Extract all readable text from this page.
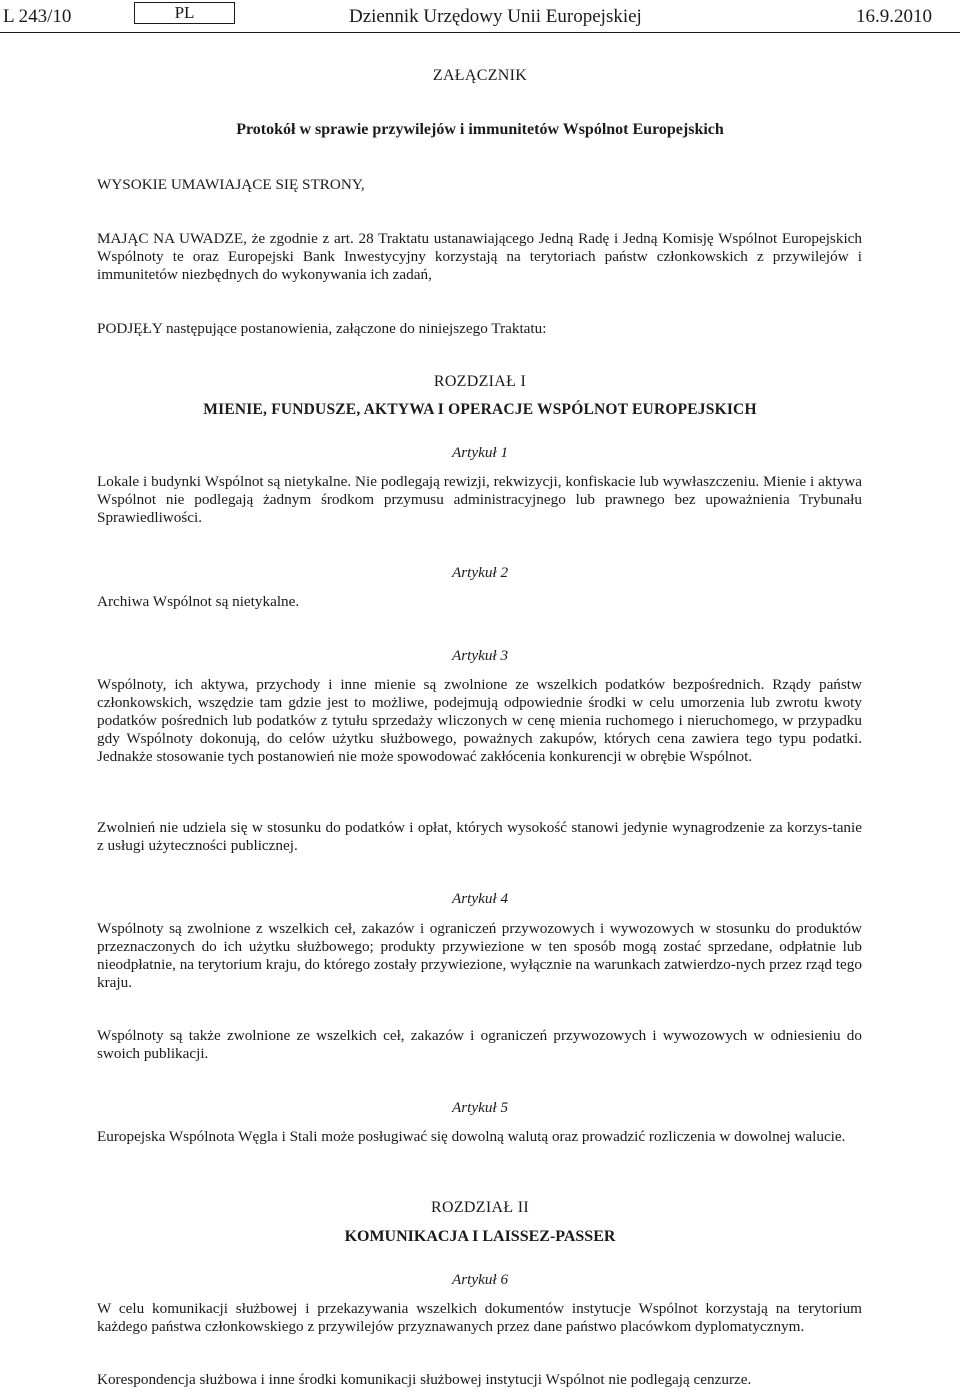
L 243/10	PL	Dziennik Urzędowy Unii Europejskiej	16.9.2010
ZAŁĄCZNIK
Protokół w sprawie przywilejów i immunitetów Wspólnot Europejskich
WYSOKIE UMAWIAJĄCE SIĘ STRONY,
MAJĄC NA UWADZE, że zgodnie z art. 28 Traktatu ustanawiającego Jedną Radę i Jedną Komisję Wspólnot Europejskich Wspólnoty te oraz Europejski Bank Inwestycyjny korzystają na terytoriach państw członkowskich z przywilejów i immunitetów niezbędnych do wykonywania ich zadań,
PODJĘŁY następujące postanowienia, załączone do niniejszego Traktatu:
ROZDZIAŁ I
MIENIE, FUNDUSZE, AKTYWA I OPERACJE WSPÓLNOT EUROPEJSKICH
Artykuł 1
Lokale i budynki Wspólnot są nietykalne. Nie podlegają rewizji, rekwizycji, konfiskacie lub wywłaszczeniu. Mienie i aktywa Wspólnot nie podlegają żadnym środkom przymusu administracyjnego lub prawnego bez upoważnienia Trybunału Sprawiedliwości.
Artykuł 2
Archiwa Wspólnot są nietykalne.
Artykuł 3
Wspólnoty, ich aktywa, przychody i inne mienie są zwolnione ze wszelkich podatków bezpośrednich. Rządy państw członkowskich, wszędzie tam gdzie jest to możliwe, podejmują odpowiednie środki w celu umorzenia lub zwrotu kwoty podatków pośrednich lub podatków z tytułu sprzedaży wliczonych w cenę mienia ruchomego i nieruchomego, w przypadku gdy Wspólnoty dokonują, do celów użytku służbowego, poważnych zakupów, których cena zawiera tego typu podatki. Jednakże stosowanie tych postanowień nie może spowodować zakłócenia konkurencji w obrębie Wspólnot.
Zwolnień nie udziela się w stosunku do podatków i opłat, których wysokość stanowi jedynie wynagrodzenie za korzys-tanie z usługi użyteczności publicznej.
Artykuł 4
Wspólnoty są zwolnione z wszelkich ceł, zakazów i ograniczeń przywozowych i wywozowych w stosunku do produktów przeznaczonych do ich użytku służbowego; produkty przywiezione w ten sposób mogą zostać sprzedane, odpłatnie lub nieodpłatnie, na terytorium kraju, do którego zostały przywiezione, wyłącznie na warunkach zatwierdzo-nych przez rząd tego kraju.
Wspólnoty są także zwolnione ze wszelkich ceł, zakazów i ograniczeń przywozowych i wywozowych w odniesieniu do swoich publikacji.
Artykuł 5
Europejska Wspólnota Węgla i Stali może posługiwać się dowolną walutą oraz prowadzić rozliczenia w dowolnej walucie.
ROZDZIAŁ II
KOMUNIKACJA I LAISSEZ-PASSER
Artykuł 6
W celu komunikacji służbowej i przekazywania wszelkich dokumentów instytucje Wspólnot korzystają na terytorium każdego państwa członkowskiego z przywilejów przyznawanych przez dane państwo placówkom dyplomatycznym.
Korespondencja służbowa i inne środki komunikacji służbowej instytucji Wspólnot nie podlegają cenzurze.
